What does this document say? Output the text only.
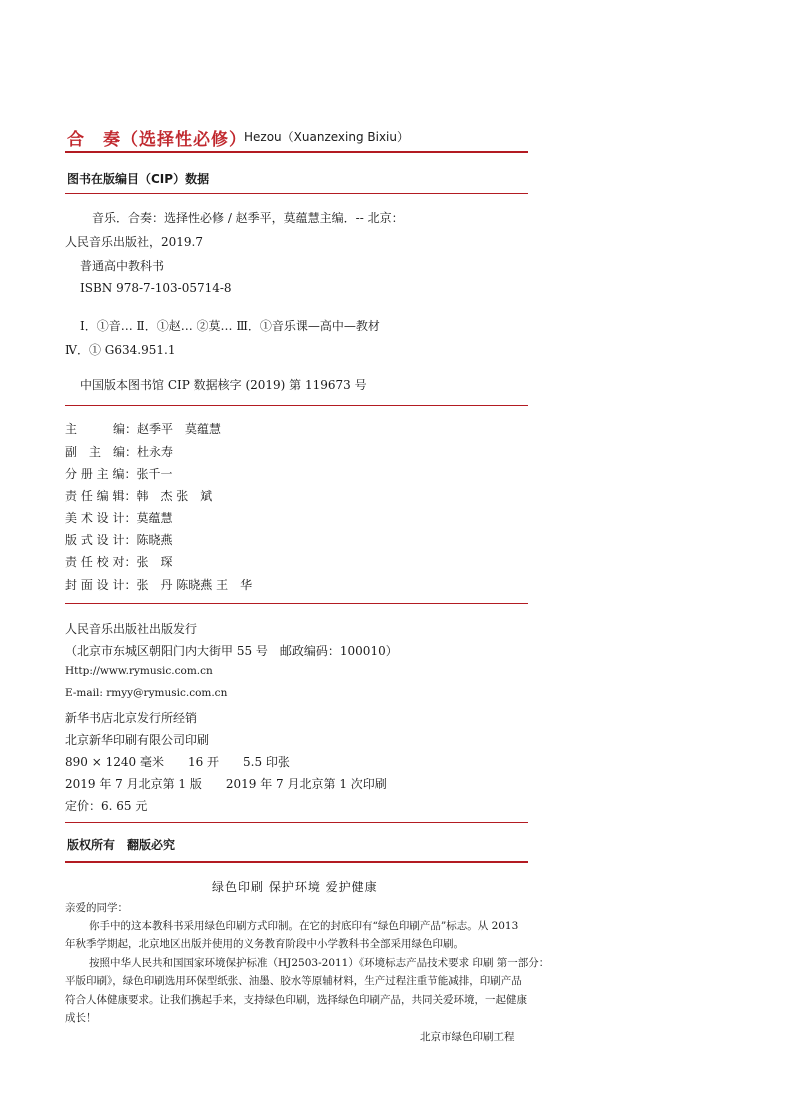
合　奏（选择性必修）
Hezou（Xuanzexing Bixiu）
图书在版编目（CIP）数据
音乐．合奏：选择性必修 / 赵季平，莫蕴慧主编．-- 北京：
人民音乐出版社，2019.7
普通高中教科书
ISBN 978-7-103-05714-8
Ⅰ．①音… Ⅱ．①赵… ②莫… Ⅲ．①音乐课—高中—教材
Ⅳ．① G634.951.1
中国版本图书馆 CIP 数据核字 (2019) 第 119673 号
主　　　编：赵季平　莫蕴慧
副　主　编：杜永寿
分 册 主 编：张千一
责 任 编 辑：韩　杰 张　斌
美 术 设 计：莫蕴慧
版 式 设 计：陈晓燕
责 任 校 对：张　琛
封 面 设 计：张　丹 陈晓燕 王　华
人民音乐出版社出版发行
（北京市东城区朝阳门内大街甲 55 号　邮政编码：100010）
Http://www.rymusic.com.cn
E-mail: rmyy@rymusic.com.cn
新华书店北京发行所经销
北京新华印刷有限公司印刷
890 × 1240 毫米　　16 开　　5.5 印张
2019 年 7 月北京第 1 版　　2019 年 7 月北京第 1 次印刷
定价：6. 65 元
版权所有　翻版必究
绿色印刷 保护环境 爱护健康
亲爱的同学：
你手中的这本教科书采用绿色印刷方式印制。在它的封底印有“绿色印刷产品”标志。从 2013
年秋季学期起，北京地区出版并使用的义务教育阶段中小学教科书全部采用绿色印刷。
按照中华人民共和国国家环境保护标准（HJ2503-2011）《环境标志产品技术要求 印刷 第一部分：
平版印刷》，绿色印刷选用环保型纸张、油墨、胶水等原辅材料，生产过程注重节能减排，印刷产品
符合人体健康要求。让我们携起手来，支持绿色印刷，选择绿色印刷产品，共同关爱环境，一起健康
成长！
北京市绿色印刷工程
